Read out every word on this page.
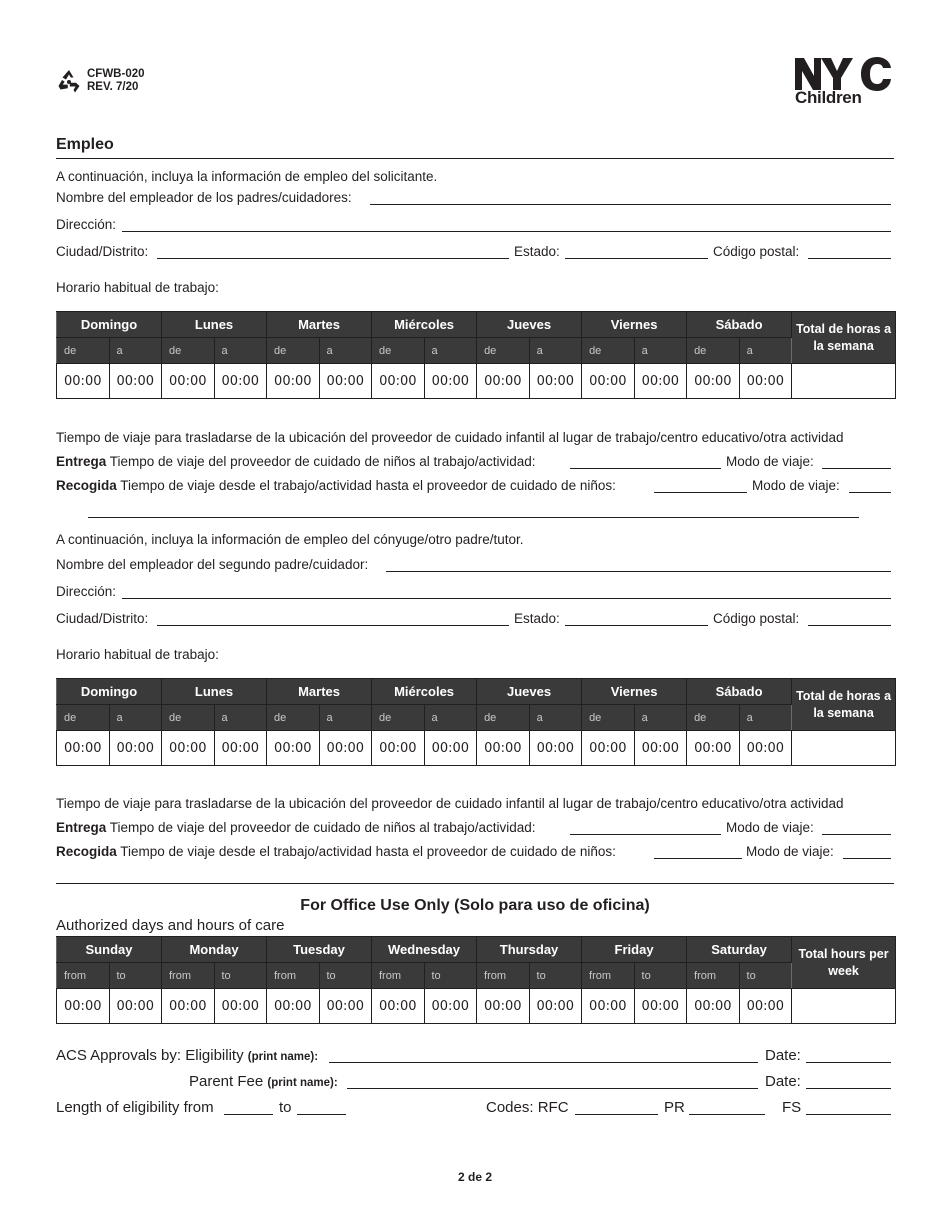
CFWB-020
REV. 7/20
Children
Empleo
A continuación, incluya la información de empleo del solicitante.
Nombre del empleador de los padres/cuidadores:
Dirección:
Ciudad/Distrito:	Estado:	Código postal:
Horario habitual de trabajo:
Domingo		Lunes		Martes		Miércoles		Jueves		Viernes		Sábado		Total de horas a la semana
de	a	de	a	de	a	de	a	de	a	de	a	de	a	
00:00	00:00	00:00	00:00	00:00	00:00	00:00	00:00	00:00	00:00	00:00	00:00	00:00	00:00	
Tiempo de viaje para trasladarse de la ubicación del proveedor de cuidado infantil al lugar de trabajo/centro educativo/otra actividad
Entrega Tiempo de viaje del proveedor de cuidado de niños al trabajo/actividad:	Modo de viaje:
Recogida Tiempo de viaje desde el trabajo/actividad hasta el proveedor de cuidado de niños:	Modo de viaje:
A continuación, incluya la información de empleo del cónyuge/otro padre/tutor.
Nombre del empleador del segundo padre/cuidador:
Dirección:
Ciudad/Distrito:	Estado:	Código postal:
Horario habitual de trabajo:
Domingo		Lunes		Martes		Miércoles		Jueves		Viernes		Sábado		Total de horas a la semana
de	a	de	a	de	a	de	a	de	a	de	a	de	a	
00:00	00:00	00:00	00:00	00:00	00:00	00:00	00:00	00:00	00:00	00:00	00:00	00:00	00:00	
Tiempo de viaje para trasladarse de la ubicación del proveedor de cuidado infantil al lugar de trabajo/centro educativo/otra actividad
Entrega Tiempo de viaje del proveedor de cuidado de niños al trabajo/actividad:	Modo de viaje:
Recogida Tiempo de viaje desde el trabajo/actividad hasta el proveedor de cuidado de niños:	Modo de viaje:
For Office Use Only (Solo para uso de oficina)
Authorized days and hours of care
Sunday		Monday		Tuesday		Wednesday		Thursday		Friday		Saturday		Total hours per week
from	to	from	to	from	to	from	to	from	to	from	to	from	to	
00:00	00:00	00:00	00:00	00:00	00:00	00:00	00:00	00:00	00:00	00:00	00:00	00:00	00:00	
ACS Approvals by: Eligibility (print name):	Date:
Parent Fee (print name):	Date:
Length of eligibility from	to	Codes: RFC	PR	FS
2 de 2
